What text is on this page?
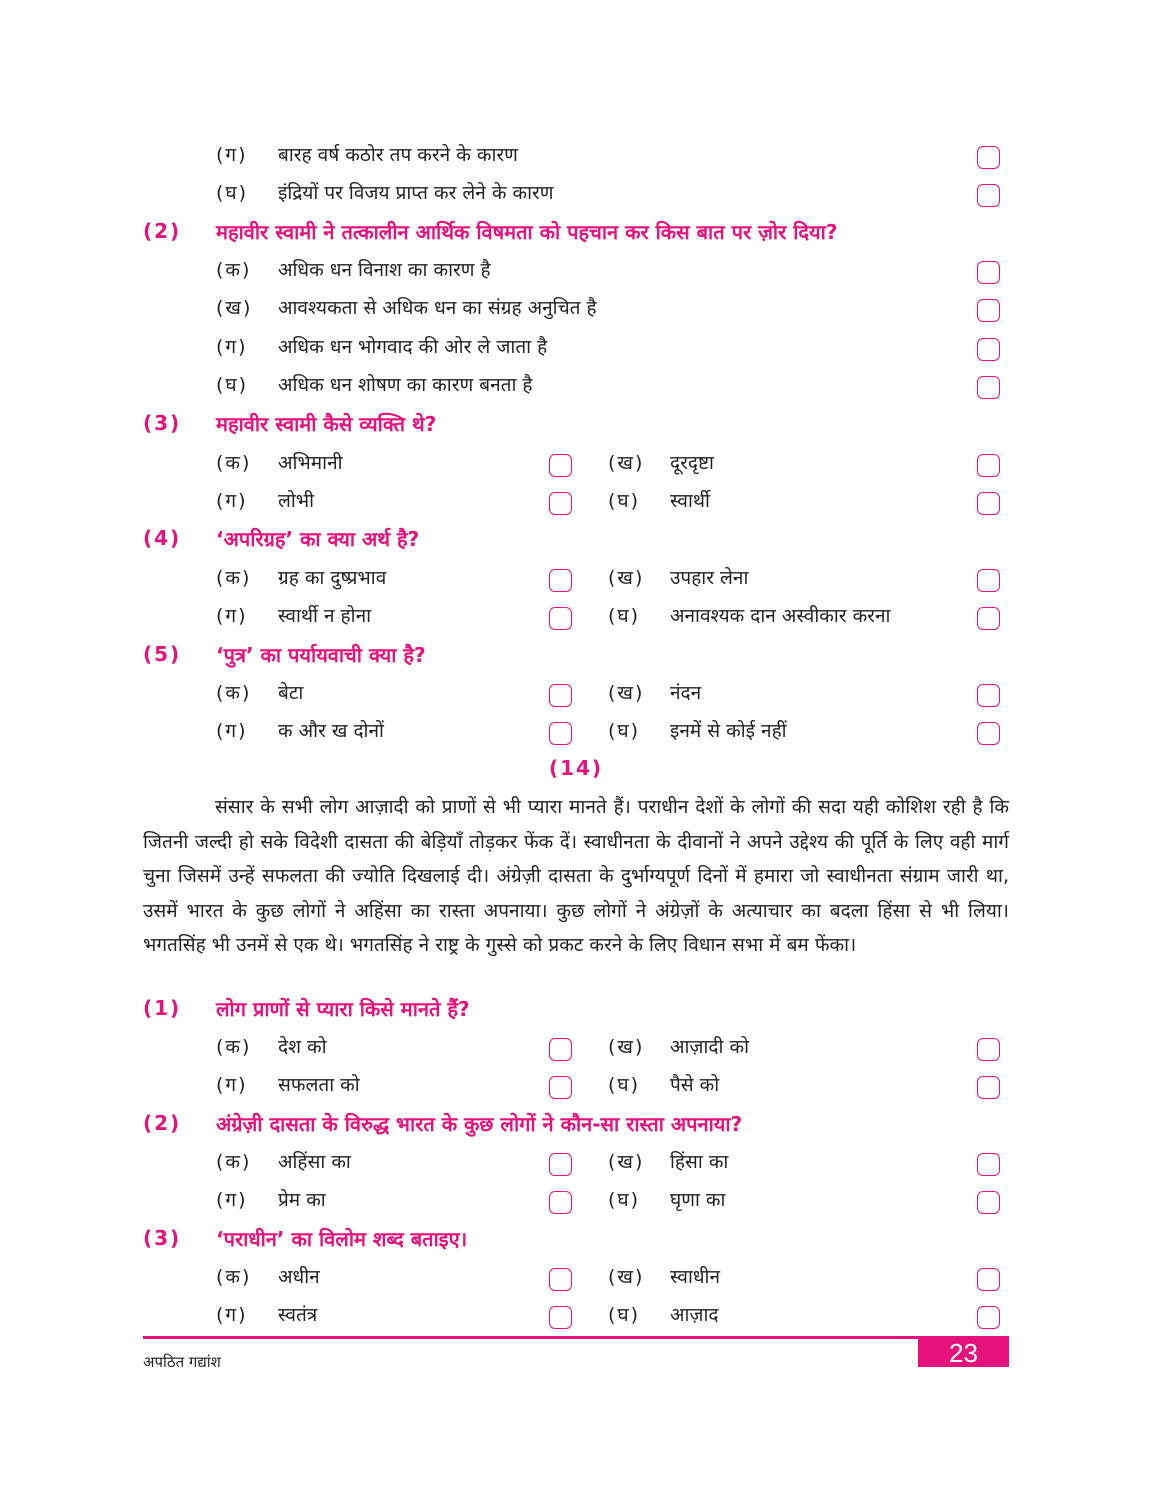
(ग) बारह वर्ष कठोर तप करने के कारण
(घ) इंद्रियों पर विजय प्राप्त कर लेने के कारण
(2) महावीर स्वामी ने तत्कालीन आर्थिक विषमता को पहचान कर किस बात पर ज़ोर दिया?
(क) अधिक धन विनाश का कारण है
(ख) आवश्यकता से अधिक धन का संग्रह अनुचित है
(ग) अधिक धन भोगवाद की ओर ले जाता है
(घ) अधिक धन शोषण का कारण बनता है
(3) महावीर स्वामी कैसे व्यक्ति थे?
(क) अभिमानी	(ख) दूरदृष्टा
(ग) लोभी	(घ) स्वार्थी
(4) ‘अपरिग्रह’ का क्या अर्थ है?
(क) ग्रह का दुष्प्रभाव	(ख) उपहार लेना
(ग) स्वार्थी न होना	(घ) अनावश्यक दान अस्वीकार करना
(5) ‘पुत्र’ का पर्यायवाची क्या है?
(क) बेटा	(ख) नंदन
(ग) क और ख दोनों	(घ) इनमें से कोई नहीं
(14)
संसार के सभी लोग आज़ादी को प्राणों से भी प्यारा मानते हैं। पराधीन देशों के लोगों की सदा यही कोशिश रही है कि जितनी जल्दी हो सके विदेशी दासता की बेड़ियाँ तोड़कर फेंक दें। स्वाधीनता के दीवानों ने अपने उद्देश्य की पूर्ति के लिए वही मार्ग चुना जिसमें उन्हें सफलता की ज्योति दिखलाई दी। अंग्रेज़ी दासता के दुर्भाग्यपूर्ण दिनों में हमारा जो स्वाधीनता संग्राम जारी था, उसमें भारत के कुछ लोगों ने अहिंसा का रास्ता अपनाया। कुछ लोगों ने अंग्रेज़ों के अत्याचार का बदला हिंसा से भी लिया। भगतसिंह भी उनमें से एक थे। भगतसिंह ने राष्ट्र के गुस्से को प्रकट करने के लिए विधान सभा में बम फेंका।
(1) लोग प्राणों से प्यारा किसे मानते हैं?
(क) देश को	(ख) आज़ादी को
(ग) सफलता को	(घ) पैसे को
(2) अंग्रेज़ी दासता के विरुद्ध भारत के कुछ लोगों ने कौन-सा रास्ता अपनाया?
(क) अहिंसा का	(ख) हिंसा का
(ग) प्रेम का	(घ) घृणा का
(3) ‘पराधीन’ का विलोम शब्द बताइए।
(क) अधीन	(ख) स्वाधीन
(ग) स्वतंत्र	(घ) आज़ाद
23
अपठित गद्यांश
